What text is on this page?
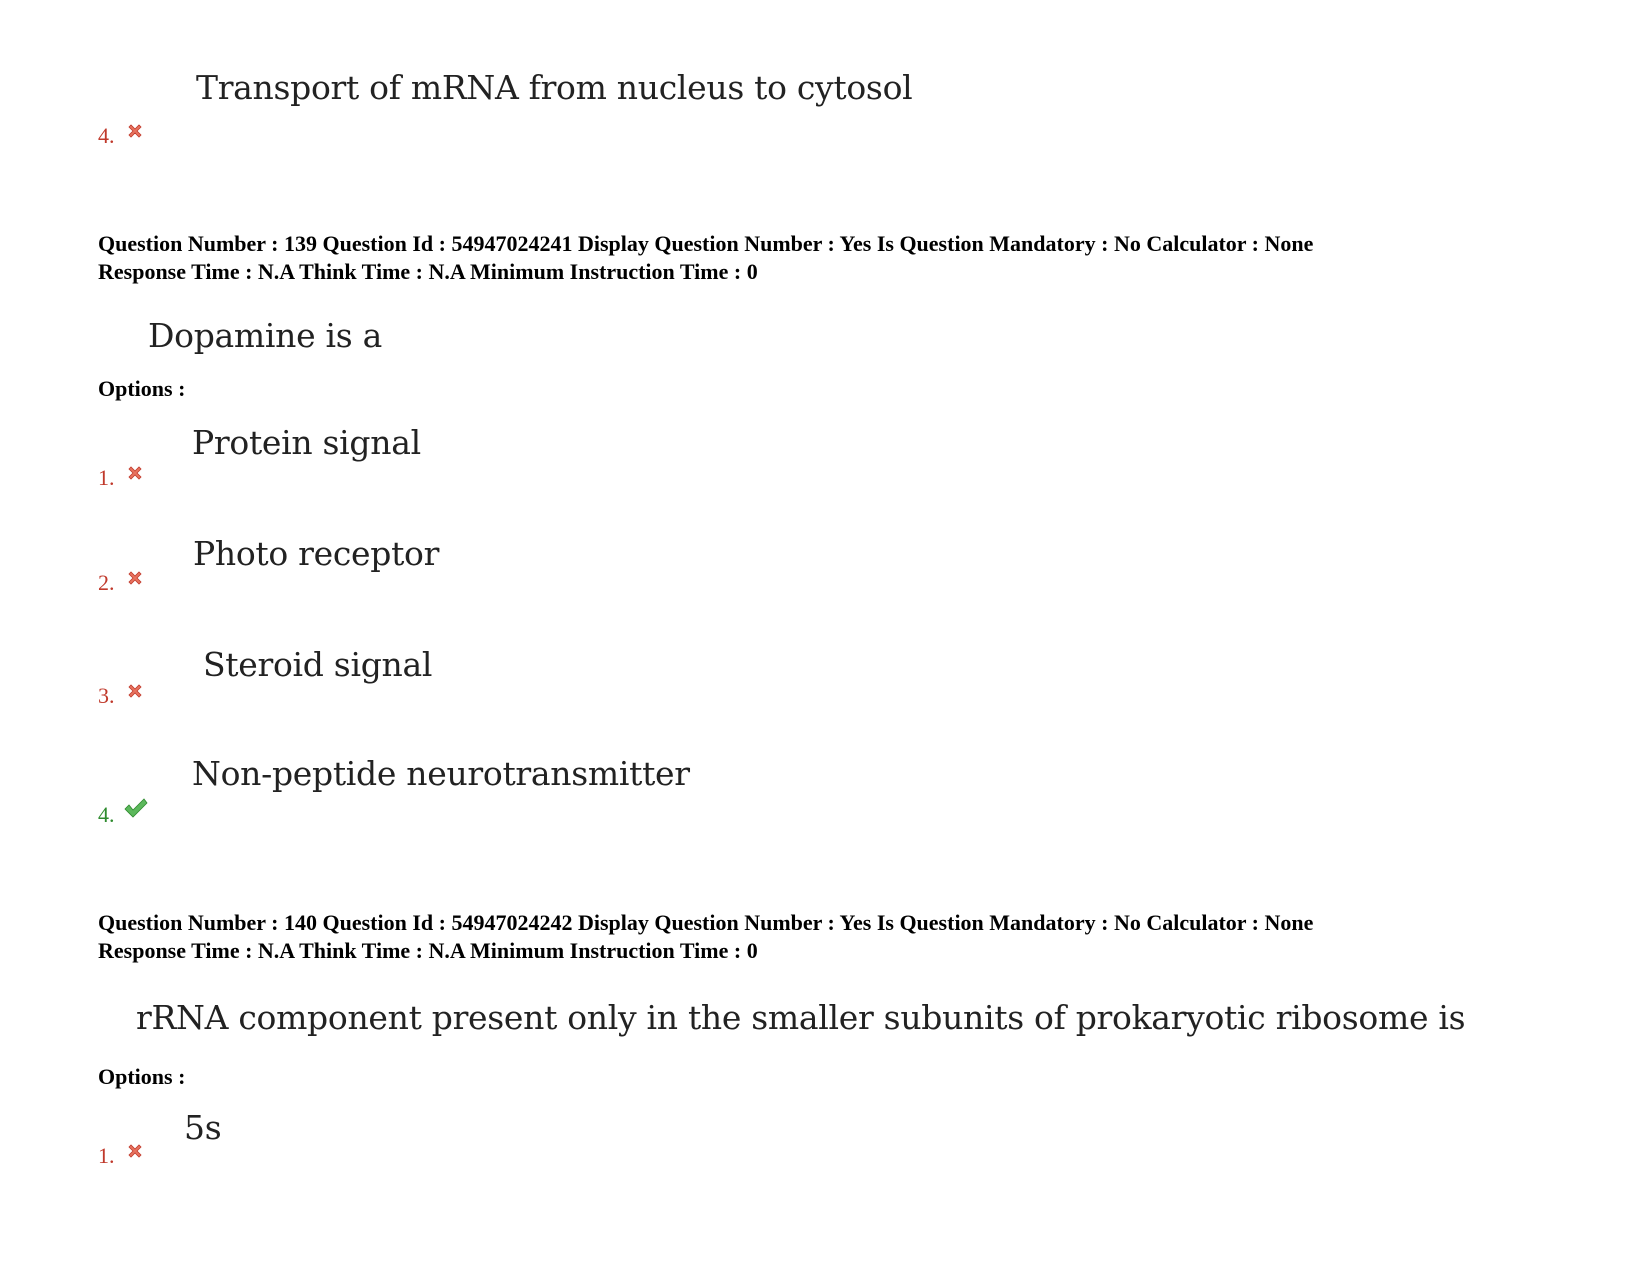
Transport of mRNA from nucleus to cytosol
4.
Question Number : 139 Question Id : 54947024241 Display Question Number : Yes Is Question Mandatory : No Calculator : None
Response Time : N.A Think Time : N.A Minimum Instruction Time : 0
Dopamine is a
Options :
Protein signal
1.
Photo receptor
2.
Steroid signal
3.
Non-peptide neurotransmitter
4.
Question Number : 140 Question Id : 54947024242 Display Question Number : Yes Is Question Mandatory : No Calculator : None
Response Time : N.A Think Time : N.A Minimum Instruction Time : 0
rRNA component present only in the smaller subunits of prokaryotic ribosome is
Options :
5s
1.
